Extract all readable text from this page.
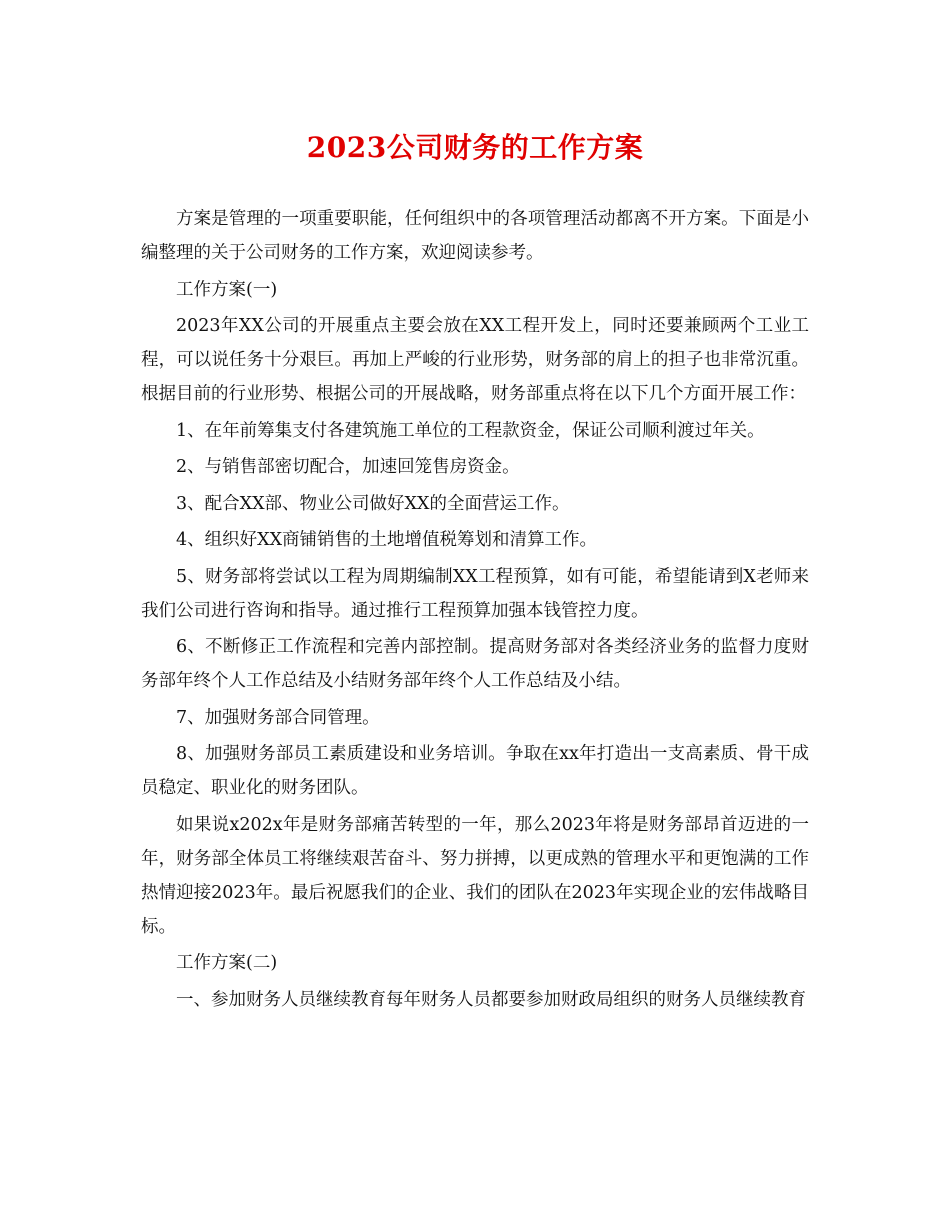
2023公司财务的工作方案

方案是管理的一项重要职能，任何组织中的各项管理活动都离不开方案。下面是小编整理的关于公司财务的工作方案，欢迎阅读参考。

工作方案(一)

2023年XX公司的开展重点主要会放在XX工程开发上，同时还要兼顾两个工业工程，可以说任务十分艰巨。再加上严峻的行业形势，财务部的肩上的担子也非常沉重。根据目前的行业形势、根据公司的开展战略，财务部重点将在以下几个方面开展工作：

1、在年前筹集支付各建筑施工单位的工程款资金，保证公司顺利渡过年关。

2、与销售部密切配合，加速回笼售房资金。

3、配合XX部、物业公司做好XX的全面营运工作。

4、组织好XX商铺销售的土地增值税筹划和清算工作。

5、财务部将尝试以工程为周期编制XX工程预算，如有可能，希望能请到X老师来我们公司进行咨询和指导。通过推行工程预算加强本钱管控力度。

6、不断修正工作流程和完善内部控制。提高财务部对各类经济业务的监督力度财务部年终个人工作总结及小结财务部年终个人工作总结及小结。

7、加强财务部合同管理。

8、加强财务部员工素质建设和业务培训。争取在xx年打造出一支高素质、骨干成员稳定、职业化的财务团队。

如果说x202x年是财务部痛苦转型的一年，那么2023年将是财务部昂首迈进的一年，财务部全体员工将继续艰苦奋斗、努力拼搏，以更成熟的管理水平和更饱满的工作热情迎接2023年。最后祝愿我们的企业、我们的团队在2023年实现企业的宏伟战略目标。

工作方案(二)

一、参加财务人员继续教育每年财务人员都要参加财政局组织的财务人员继续教育
